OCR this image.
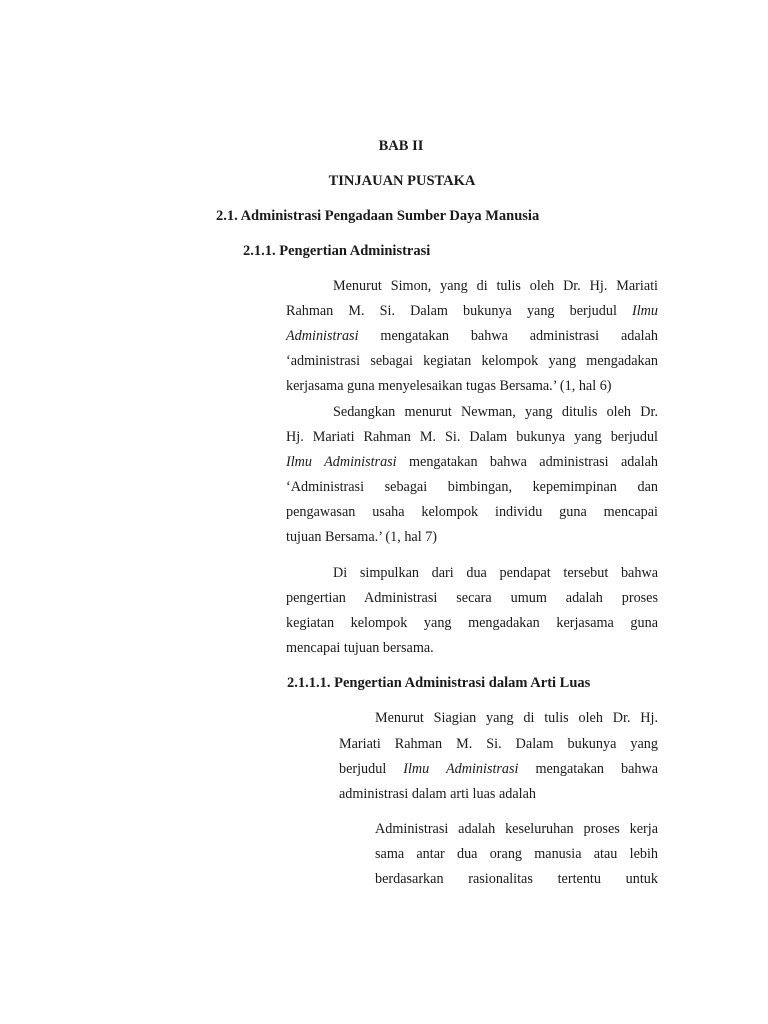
BAB II
TINJAUAN PUSTAKA
2.1. Administrasi Pengadaan Sumber Daya Manusia
2.1.1. Pengertian Administrasi
Menurut Simon, yang di tulis oleh Dr. Hj. Mariati
Rahman M. Si. Dalam bukunya yang berjudul Ilmu
Administrasi mengatakan bahwa administrasi adalah
‘administrasi sebagai kegiatan kelompok yang mengadakan
kerjasama guna menyelesaikan tugas Bersama.’ (1, hal 6)
Sedangkan menurut Newman, yang ditulis oleh Dr.
Hj. Mariati Rahman M. Si. Dalam bukunya yang berjudul
Ilmu Administrasi mengatakan bahwa administrasi adalah
‘Administrasi sebagai bimbingan, kepemimpinan dan
pengawasan usaha kelompok individu guna mencapai
tujuan Bersama.’ (1, hal 7)
Di simpulkan dari dua pendapat tersebut bahwa
pengertian Administrasi secara umum adalah proses
kegiatan kelompok yang mengadakan kerjasama guna
mencapai tujuan bersama.
2.1.1.1. Pengertian Administrasi dalam Arti Luas
Menurut Siagian yang di tulis oleh Dr. Hj.
Mariati Rahman M. Si. Dalam bukunya yang
berjudul Ilmu Administrasi mengatakan bahwa
administrasi dalam arti luas adalah
Administrasi adalah keseluruhan proses kerja
sama antar dua orang manusia atau lebih
berdasarkan rasionalitas tertentu untuk
